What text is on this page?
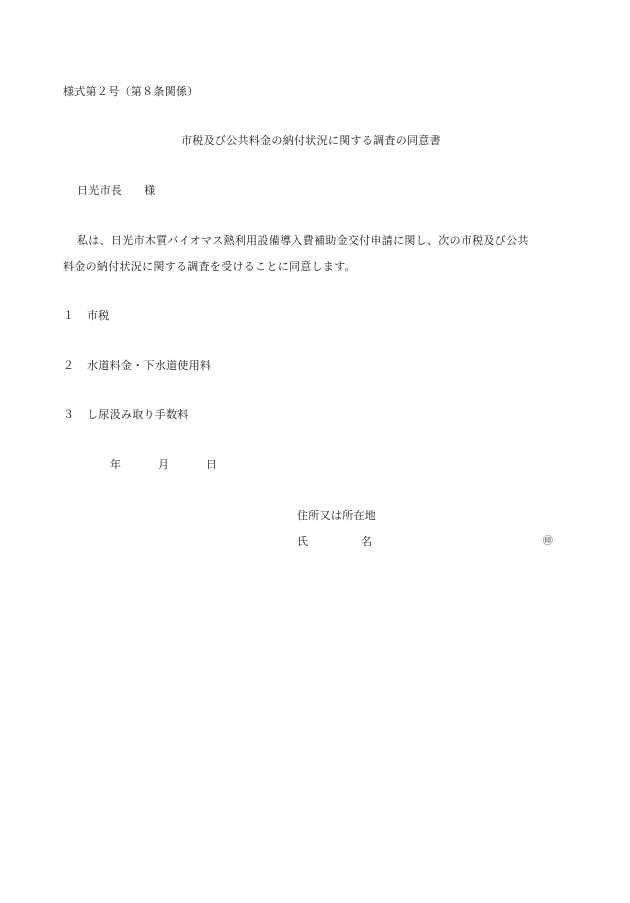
様式第２号（第８条関係）
市税及び公共料金の納付状況に関する調査の同意書
日光市長 様
私は、日光市木質バイオマス熱利用設備導入費補助金交付申請に関し、次の市税及び公共
料金の納付状況に関する調査を受けることに同意します。
１ 市税
２ 水道料金・下水道使用料
３ し尿汲み取り手数料
年	月	日
住所又は所在地
氏	名	㊞
